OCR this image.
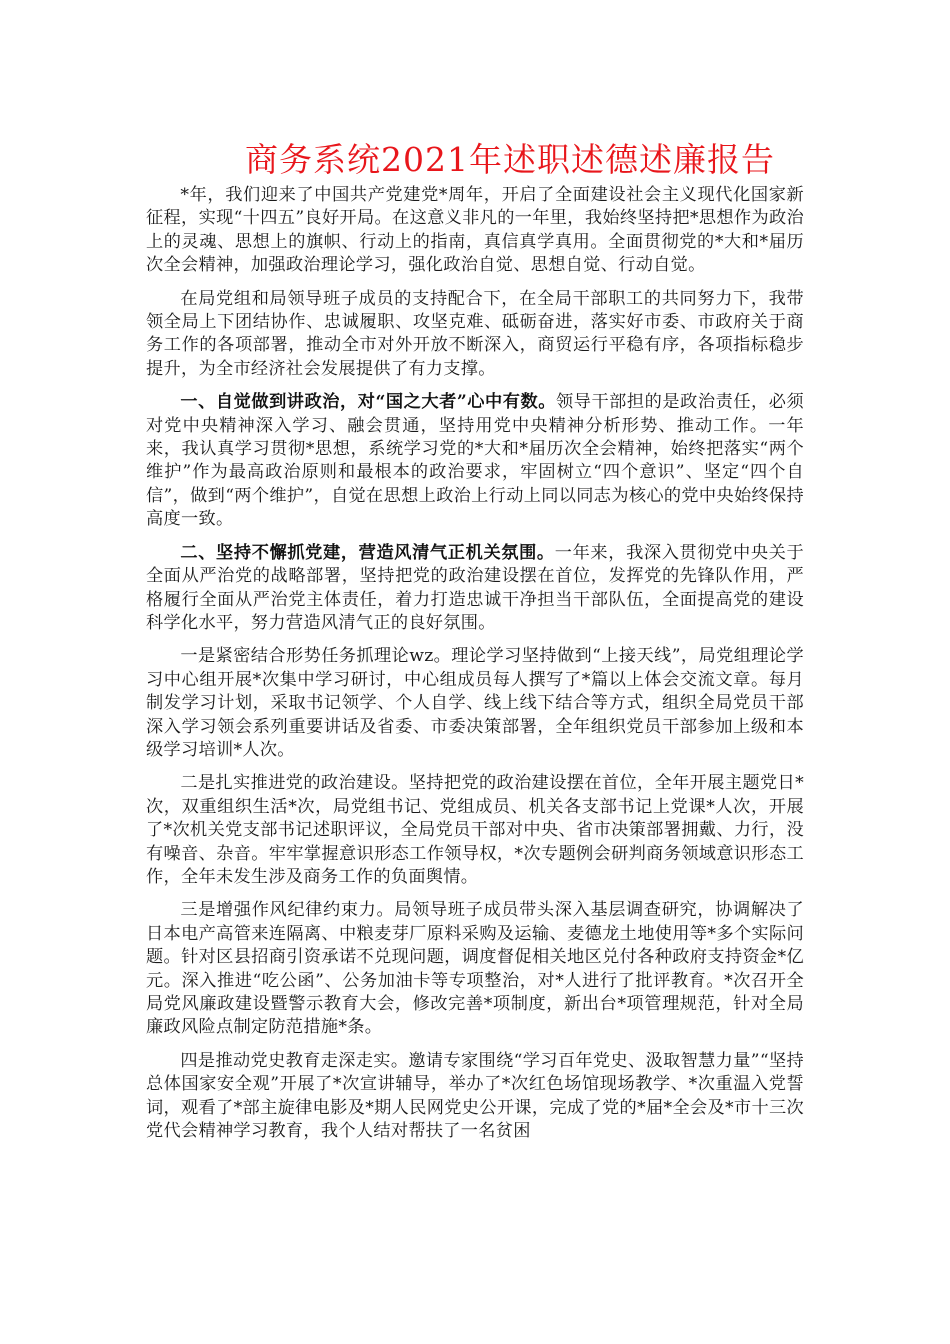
商务系统2021年述职述德述廉报告

*年，我们迎来了中国共产党建党*周年，开启了全面建设社会主义现代化国家新征程，实现“十四五”良好开局。在这意义非凡的一年里，我始终坚持把*思想作为政治上的灵魂、思想上的旗帜、行动上的指南，真信真学真用。全面贯彻党的*大和*届历次全会精神，加强政治理论学习，强化政治自觉、思想自觉、行动自觉。

在局党组和局领导班子成员的支持配合下，在全局干部职工的共同努力下，我带领全局上下团结协作、忠诚履职、攻坚克难、砥砺奋进，落实好市委、市政府关于商务工作的各项部署，推动全市对外开放不断深入，商贸运行平稳有序，各项指标稳步提升，为全市经济社会发展提供了有力支撑。

一、自觉做到讲政治，对“国之大者”心中有数。领导干部担的是政治责任，必须对党中央精神深入学习、融会贯通，坚持用党中央精神分析形势、推动工作。一年来，我认真学习贯彻*思想，系统学习党的*大和*届历次全会精神，始终把落实“两个维护”作为最高政治原则和最根本的政治要求，牢固树立“四个意识”、坚定“四个自信”，做到“两个维护”，自觉在思想上政治上行动上同以同志为核心的党中央始终保持高度一致。

二、坚持不懈抓党建，营造风清气正机关氛围。一年来，我深入贯彻党中央关于全面从严治党的战略部署，坚持把党的政治建设摆在首位，发挥党的先锋队作用，严格履行全面从严治党主体责任，着力打造忠诚干净担当干部队伍，全面提高党的建设科学化水平，努力营造风清气正的良好氛围。

一是紧密结合形势任务抓理论wz。理论学习坚持做到“上接天线”，局党组理论学习中心组开展*次集中学习研讨，中心组成员每人撰写了*篇以上体会交流文章。每月制发学习计划，采取书记领学、个人自学、线上线下结合等方式，组织全局党员干部深入学习领会系列重要讲话及省委、市委决策部署，全年组织党员干部参加上级和本级学习培训*人次。

二是扎实推进党的政治建设。坚持把党的政治建设摆在首位，全年开展主题党日*次，双重组织生活*次，局党组书记、党组成员、机关各支部书记上党课*人次，开展了*次机关党支部书记述职评议，全局党员干部对中央、省市决策部署拥戴、力行，没有噪音、杂音。牢牢掌握意识形态工作领导权，*次专题例会研判商务领域意识形态工作，全年未发生涉及商务工作的负面舆情。

三是增强作风纪律约束力。局领导班子成员带头深入基层调查研究，协调解决了日本电产高管来连隔离、中粮麦芽厂原料采购及运输、麦德龙土地使用等*多个实际问题。针对区县招商引资承诺不兑现问题，调度督促相关地区兑付各种政府支持资金*亿元。深入推进“吃公函”、公务加油卡等专项整治，对*人进行了批评教育。*次召开全局党风廉政建设暨警示教育大会，修改完善*项制度，新出台*项管理规范，针对全局廉政风险点制定防范措施*条。

四是推动党史教育走深走实。邀请专家围绕“学习百年党史、汲取智慧力量”“坚持总体国家安全观”开展了*次宣讲辅导，举办了*次红色场馆现场教学、*次重温入党誓词，观看了*部主旋律电影及*期人民网党史公开课，完成了党的*届*全会及*市十三次党代会精神学习教育，我个人结对帮扶了一名贫困
